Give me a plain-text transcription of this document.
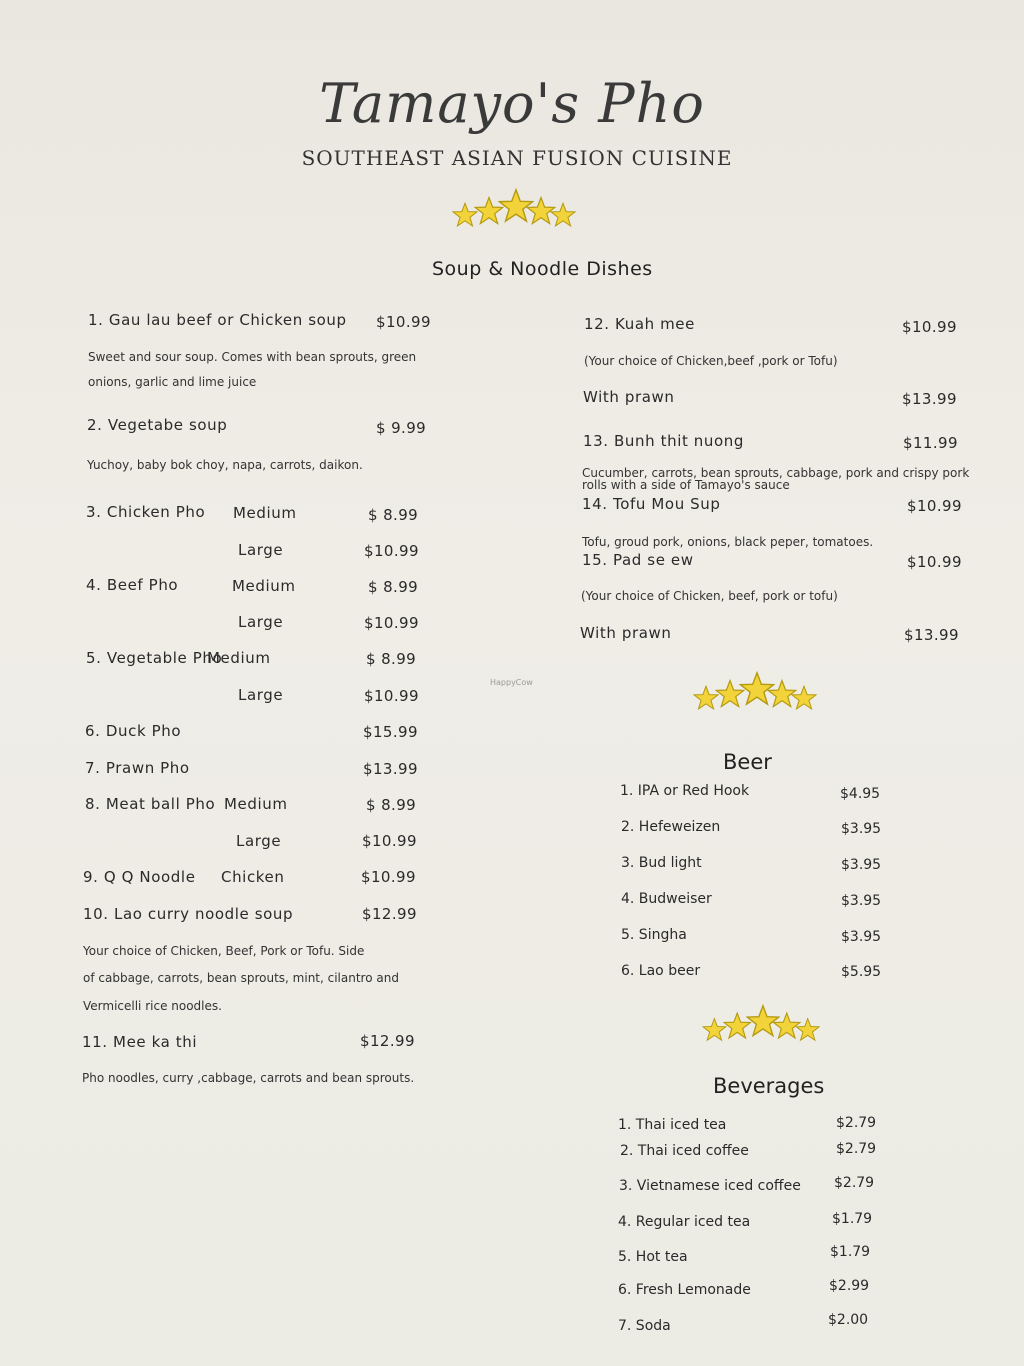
Tamayo's Pho
SOUTHEAST ASIAN FUSION CUISINE
Soup & Noodle Dishes
1. Gau lau beef or Chicken soup $10.99
Sweet and sour soup. Comes with bean sprouts, green
onions, garlic and lime juice
2. Vegetabe soup	$ 9.99
Yuchoy, baby bok choy, napa, carrots, daikon.
3. Chicken Pho Medium	$ 8.99
Large	$10.99
4. Beef Pho	Medium	$ 8.99
Large	$10.99
5. Vegetable Pho
Medium	$ 8.99
Large	$10.99
6. Duck Pho	$15.99
7. Prawn Pho	$13.99
8. Meat ball Pho Medium	$ 8.99
Large	$10.99
9. Q Q Noodle Chicken	$10.99
10. Lao curry noodle soup	$12.99
Your choice of Chicken, Beef, Pork or Tofu. Side
of cabbage, carrots, bean sprouts, mint, cilantro and
Vermicelli rice noodles.
11. Mee ka thi	$12.99
Pho noodles, curry ,cabbage, carrots and bean sprouts.
12. Kuah mee	$10.99
(Your choice of Chicken,beef ,pork or Tofu)
With prawn	$13.99
13. Bunh thit nuong	$11.99
Cucumber, carrots, bean sprouts, cabbage, pork and crispy pork
rolls with a side of Tamayo's sauce
14. Tofu Mou Sup	$10.99
Tofu, groud pork, onions, black peper, tomatoes.
15. Pad se ew	$10.99
(Your choice of Chicken, beef, pork or tofu)
With prawn	$13.99
HappyCow
Beer
1. IPA or Red Hook	$4.95
2. Hefeweizen	$3.95
3. Bud light	$3.95
4. Budweiser	$3.95
5. Singha	$3.95
6. Lao beer	$5.95
Beverages
1. Thai iced tea	$2.79
2. Thai iced coffee	$2.79
3. Vietnamese iced coffee $2.79
4. Regular iced tea	$1.79
5. Hot tea	$1.79
6. Fresh Lemonade	$2.99
7. Soda	$2.00
